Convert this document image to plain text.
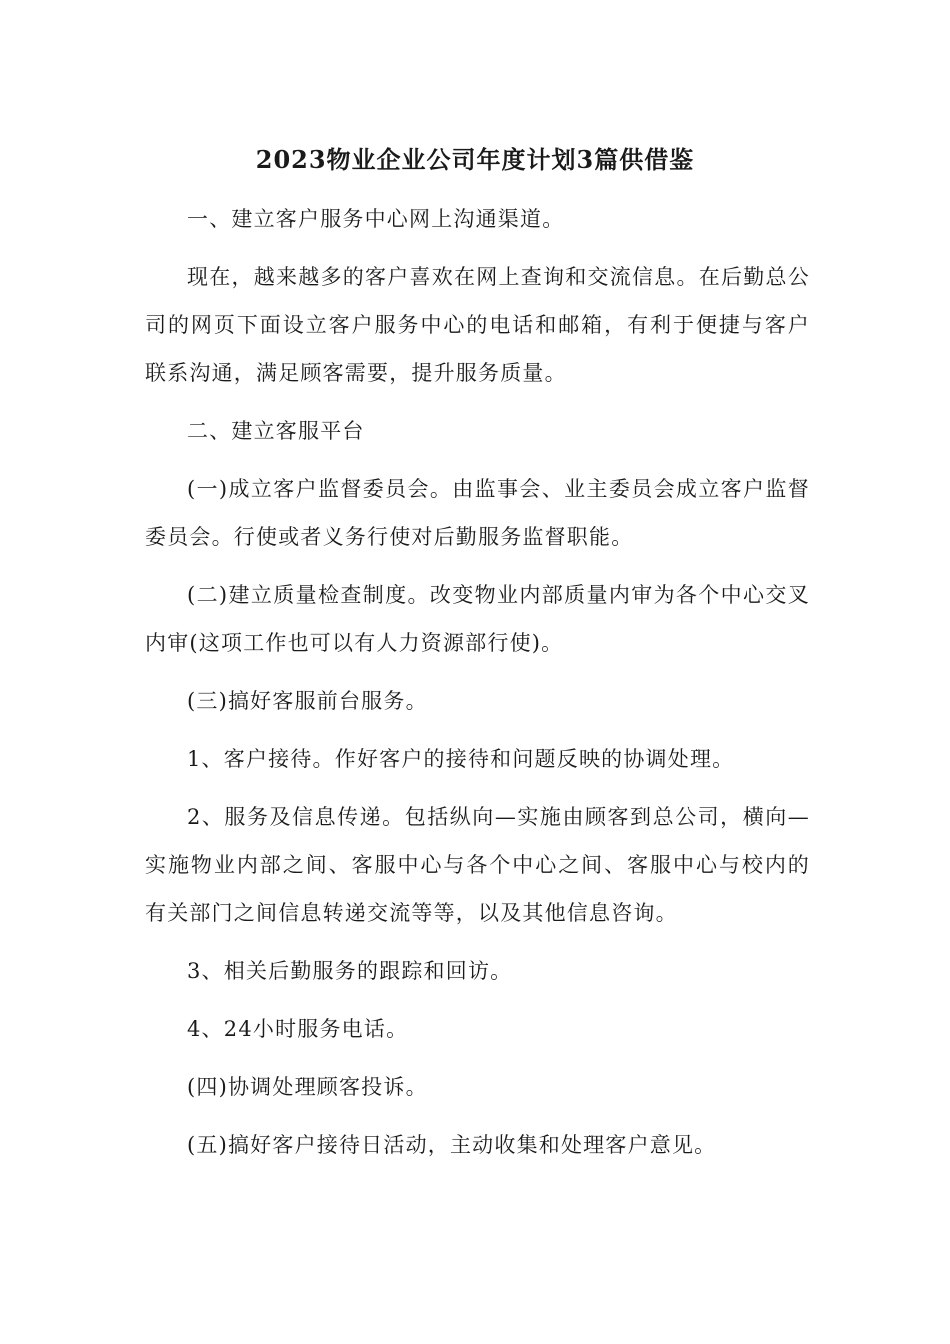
2023物业企业公司年度计划3篇供借鉴

一、建立客户服务中心网上沟通渠道。

现在，越来越多的客户喜欢在网上查询和交流信息。在后勤总公司的网页下面设立客户服务中心的电话和邮箱，有利于便捷与客户联系沟通，满足顾客需要，提升服务质量。

二、建立客服平台

(一)成立客户监督委员会。由监事会、业主委员会成立客户监督委员会。行使或者义务行使对后勤服务监督职能。

(二)建立质量检查制度。改变物业内部质量内审为各个中心交叉内审(这项工作也可以有人力资源部行使)。

(三)搞好客服前台服务。

1、客户接待。作好客户的接待和问题反映的协调处理。

2、服务及信息传递。包括纵向—实施由顾客到总公司，横向—实施物业内部之间、客服中心与各个中心之间、客服中心与校内的有关部门之间信息转递交流等等，以及其他信息咨询。

3、相关后勤服务的跟踪和回访。

4、24小时服务电话。

(四)协调处理顾客投诉。

(五)搞好客户接待日活动，主动收集和处理客户意见。
